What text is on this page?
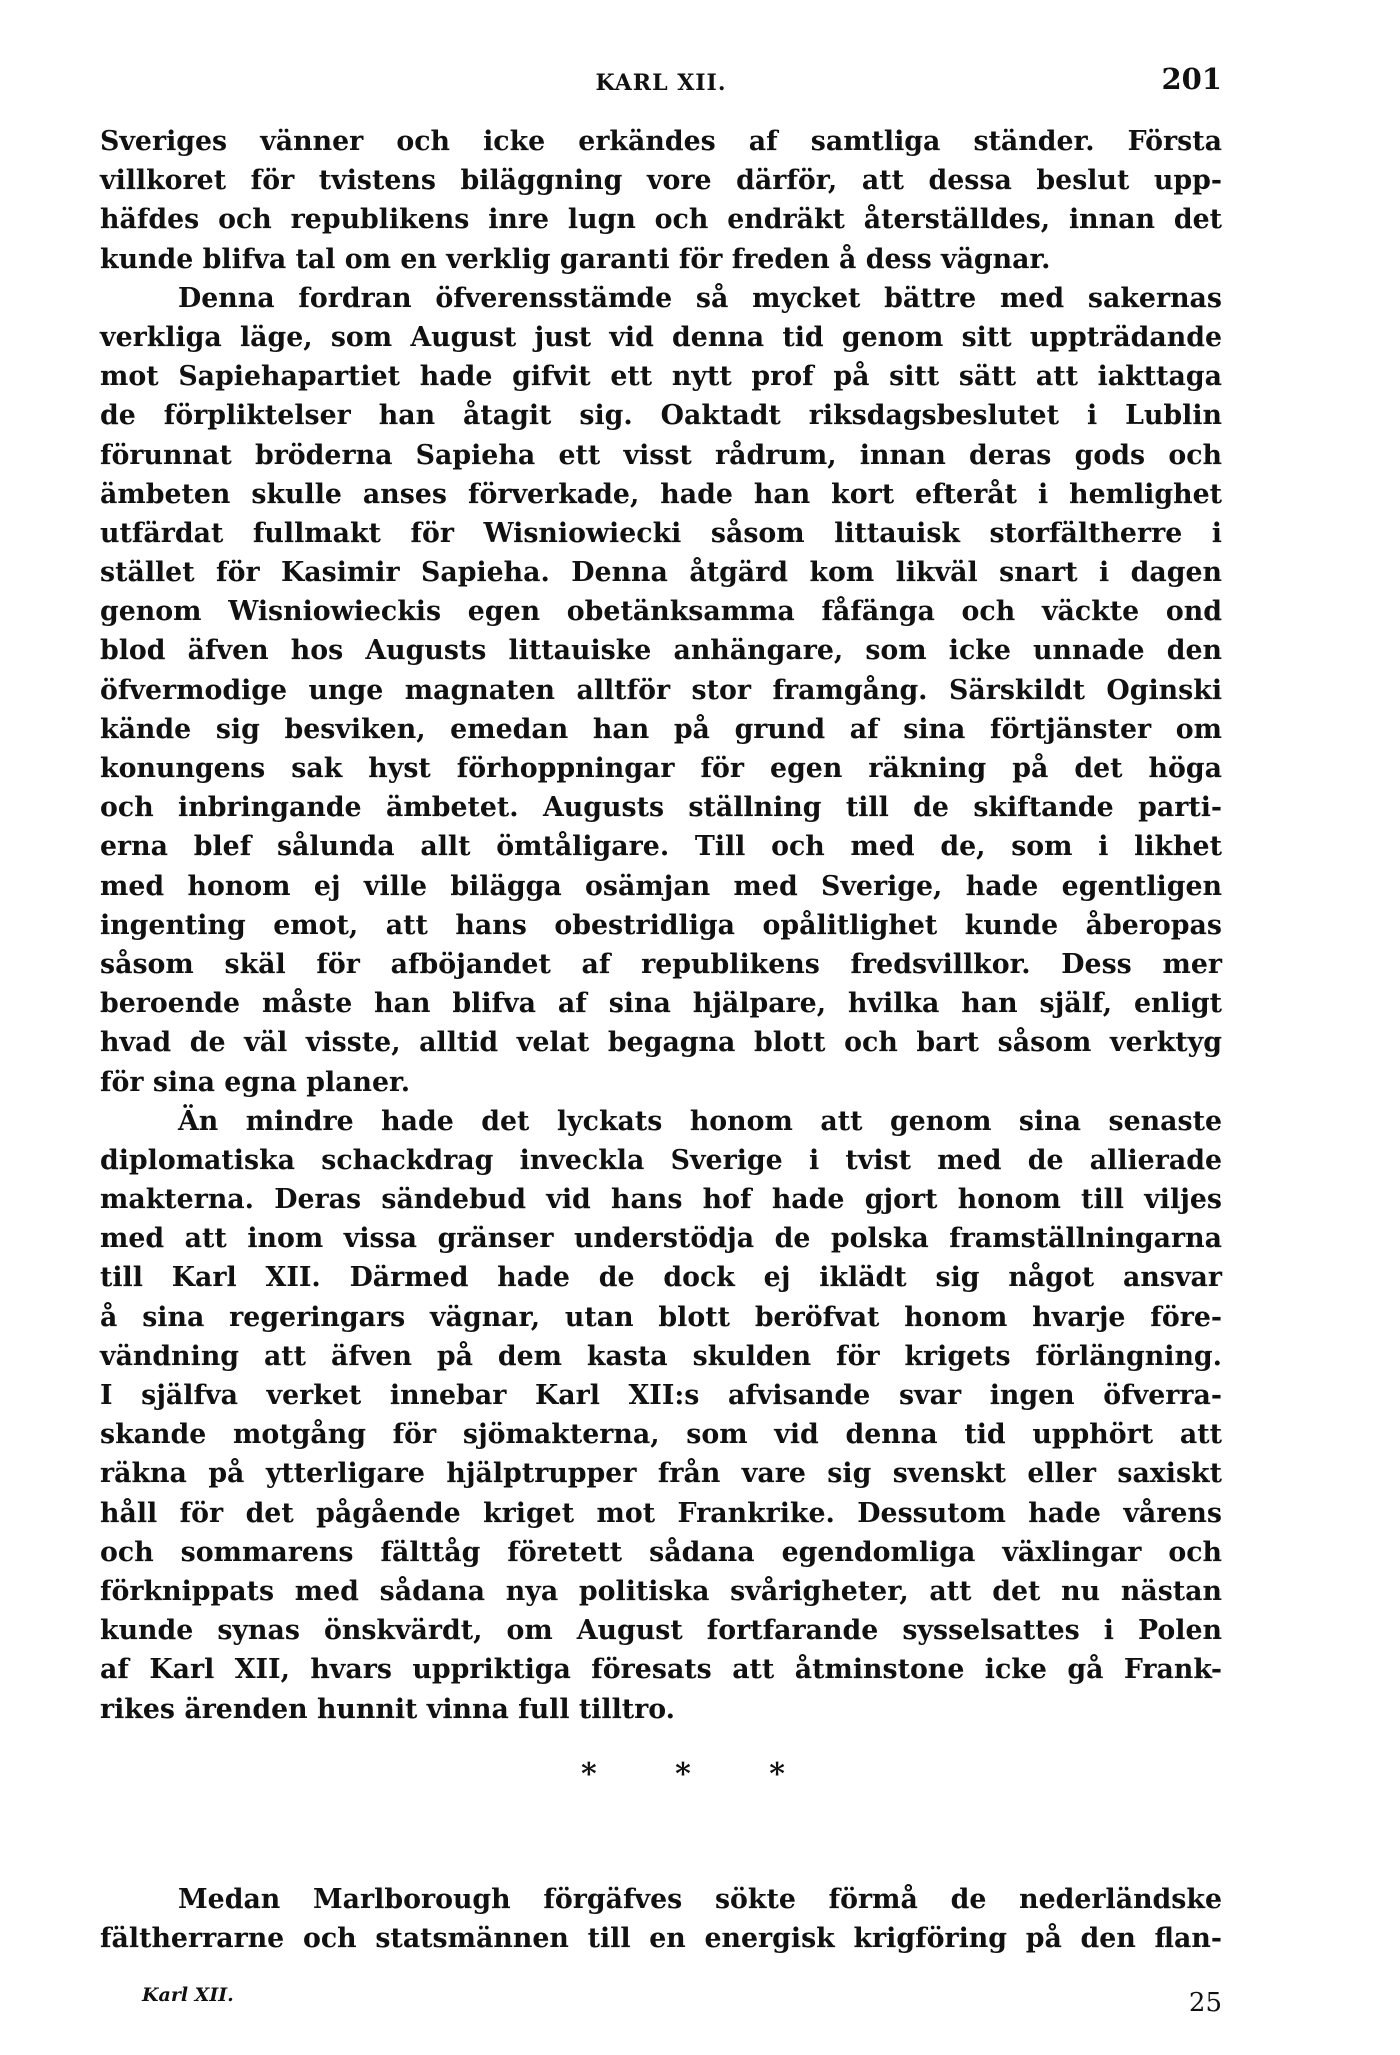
KARL XII.	201
Sveriges vänner och icke erkändes af samtliga ständer. Första
villkoret för tvistens biläggning vore därför, att dessa beslut upp-
häfdes och republikens inre lugn och endräkt återställdes, innan det
kunde blifva tal om en verklig garanti för freden å dess vägnar.
Denna fordran öfverensstämde så mycket bättre med sakernas
verkliga läge, som August just vid denna tid genom sitt uppträdande
mot Sapiehapartiet hade gifvit ett nytt prof på sitt sätt att iakttaga
de förpliktelser han åtagit sig. Oaktadt riksdagsbeslutet i Lublin
förunnat bröderna Sapieha ett visst rådrum, innan deras gods och
ämbeten skulle anses förverkade, hade han kort efteråt i hemlighet
utfärdat fullmakt för Wisniowiecki såsom littauisk storfältherre i
stället för Kasimir Sapieha. Denna åtgärd kom likväl snart i dagen
genom Wisniowieckis egen obetänksamma fåfänga och väckte ond
blod äfven hos Augusts littauiske anhängare, som icke unnade den
öfvermodige unge magnaten alltför stor framgång. Särskildt Oginski
kände sig besviken, emedan han på grund af sina förtjänster om
konungens sak hyst förhoppningar för egen räkning på det höga
och inbringande ämbetet. Augusts ställning till de skiftande parti-
erna blef sålunda allt ömtåligare. Till och med de, som i likhet
med honom ej ville bilägga osämjan med Sverige, hade egentligen
ingenting emot, att hans obestridliga opålitlighet kunde åberopas
såsom skäl för afböjandet af republikens fredsvillkor. Dess mer
beroende måste han blifva af sina hjälpare, hvilka han själf, enligt
hvad de väl visste, alltid velat begagna blott och bart såsom verktyg
för sina egna planer.
Än mindre hade det lyckats honom att genom sina senaste
diplomatiska schackdrag inveckla Sverige i tvist med de allierade
makterna. Deras sändebud vid hans hof hade gjort honom till viljes
med att inom vissa gränser understödja de polska framställningarna
till Karl XII. Därmed hade de dock ej iklädt sig något ansvar
å sina regeringars vägnar, utan blott beröfvat honom hvarje före-
vändning att äfven på dem kasta skulden för krigets förlängning.
I själfva verket innebar Karl XII:s afvisande svar ingen öfverra-
skande motgång för sjömakterna, som vid denna tid upphört att
räkna på ytterligare hjälptrupper från vare sig svenskt eller saxiskt
håll för det pågående kriget mot Frankrike. Dessutom hade vårens
och sommarens fälttåg företett sådana egendomliga växlingar och
förknippats med sådana nya politiska svårigheter, att det nu nästan
kunde synas önskvärdt, om August fortfarande sysselsattes i Polen
af Karl XII, hvars uppriktiga föresats att åtminstone icke gå Frank-
rikes ärenden hunnit vinna full tilltro.
* * *
Medan Marlborough förgäfves sökte förmå de nederländske
fältherrarne och statsmännen till en energisk krigföring på den flan-
Karl XII.	25
